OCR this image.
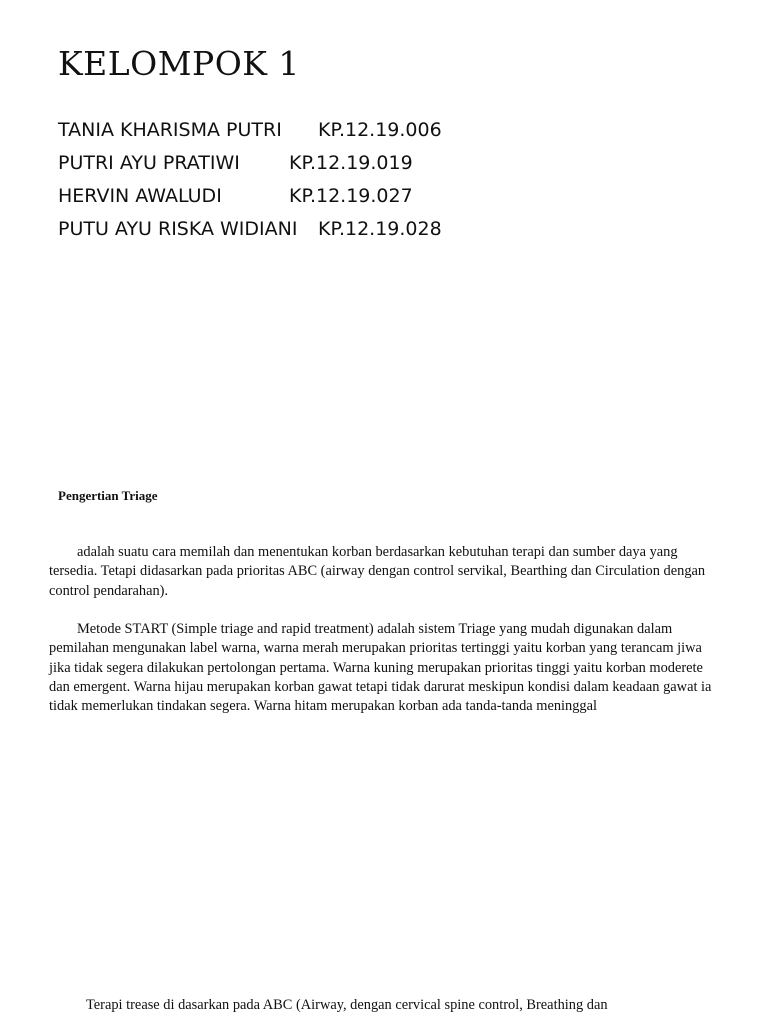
KELOMPOK 1
TANIA KHARISMA PUTRI KP.12.19.006
PUTRI AYU PRATIWI	KP.12.19.019
HERVIN AWALUDI	KP.12.19.027
PUTU AYU RISKA WIDIANI KP.12.19.028
Pengertian Triage

adalah suatu cara memilah dan menentukan korban berdasarkan kebutuhan terapi dan sumber daya yang tersedia. Tetapi didasarkan pada prioritas ABC (airway dengan control servikal, Bearthing dan Circulation dengan control pendarahan).

Metode START (Simple triage and rapid treatment) adalah sistem Triage yang mudah digunakan dalam pemilahan mengunakan label warna, warna merah merupakan prioritas tertinggi yaitu korban yang terancam jiwa jika tidak segera dilakukan pertolongan pertama. Warna kuning merupakan prioritas tinggi yaitu korban moderete dan emergent. Warna hijau merupakan korban gawat tetapi tidak darurat meskipun kondisi dalam keadaan gawat ia tidak memerlukan tindakan segera. Warna hitam merupakan korban ada tanda-tanda meninggal

Terapi trease di dasarkan pada ABC (Airway, dengan cervical spine control, Breathing dan
